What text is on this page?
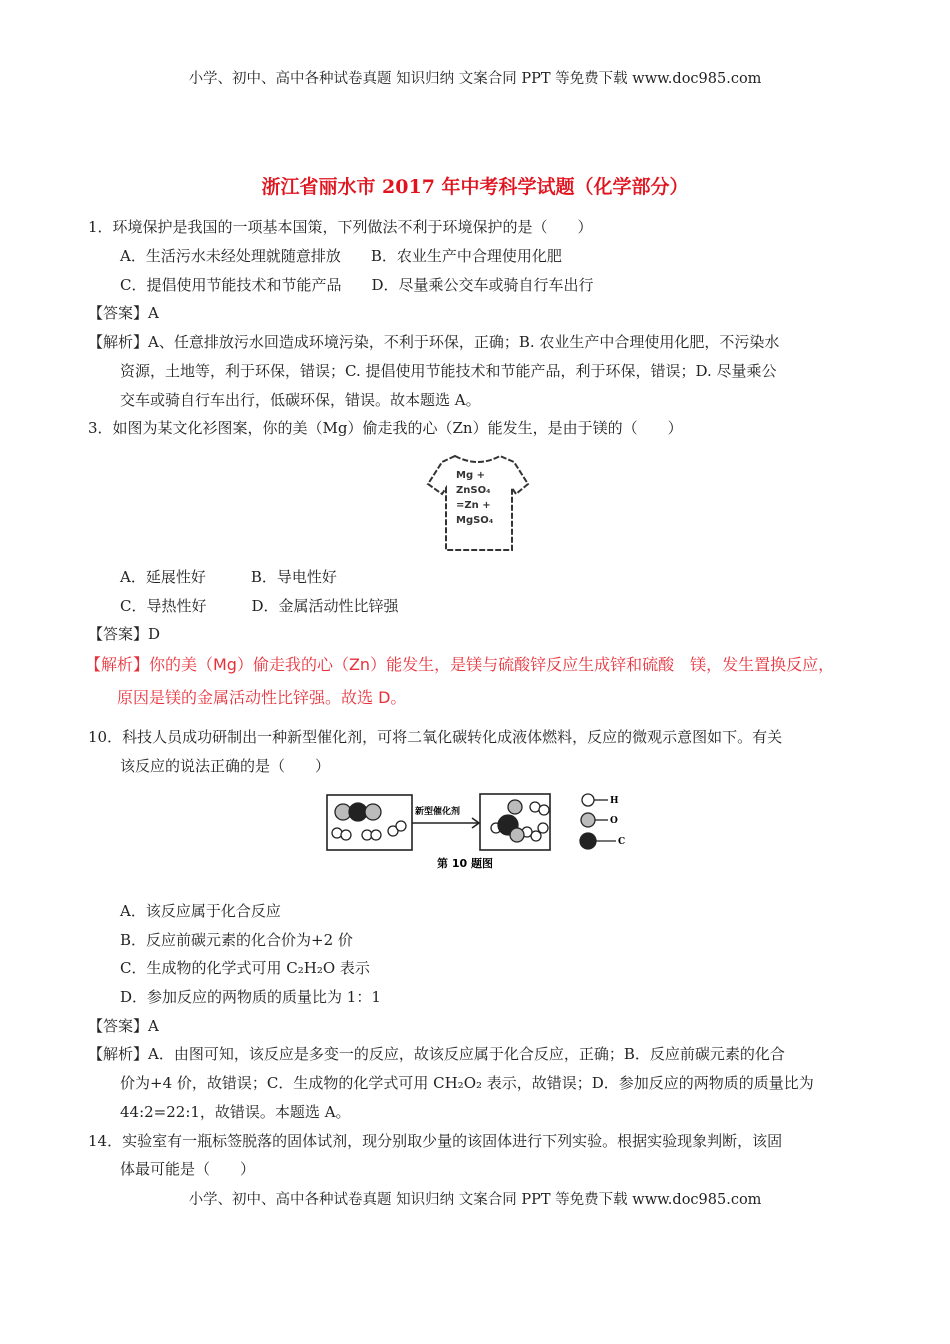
小学、初中、高中各种试卷真题 知识归纳 文案合同 PPT 等免费下载 www.doc985.com
浙江省丽水市 2017 年中考科学试题（化学部分）
1．环境保护是我国的一项基本国策，下列做法不利于环境保护的是（　　）
A．生活污水未经处理就随意排放　　B．农业生产中合理使用化肥
C．提倡使用节能技术和节能产品　　D．尽量乘公交车或骑自行车出行
【答案】A
【解析】A、任意排放污水回造成环境污染，不利于环保，正确；B. 农业生产中合理使用化肥，不污染水
资源，土地等，利于环保，错误；C. 提倡使用节能技术和节能产品，利于环保，错误；D. 尽量乘公
交车或骑自行车出行，低碳环保，错误。故本题选 A。
3．如图为某文化衫图案，你的美（Mg）偷走我的心（Zn）能发生，是由于镁的（　　）
Mg +
ZnSO₄
=Zn +
MgSO₄
A．延展性好　　　B．导电性好
C．导热性好　　　D．金属活动性比锌强
【答案】D
【解析】你的美（Mg）偷走我的心（Zn）能发生，是镁与硫酸锌反应生成锌和硫酸　镁，发生置换反应，
原因是镁的金属活动性比锌强。故选 D。
10．科技人员成功研制出一种新型催化剂，可将二氧化碳转化成液体燃料，反应的微观示意图如下。有关
该反应的说法正确的是（　　）
新型催化剂
H
O
C
第 10 题图
A．该反应属于化合反应
B．反应前碳元素的化合价为+2 价
C．生成物的化学式可用 C₂H₂O 表示
D．参加反应的两物质的质量比为 1：1
【答案】A
【解析】A．由图可知，该反应是多变一的反应，故该反应属于化合反应，正确；B．反应前碳元素的化合
价为+4 价，故错误；C．生成物的化学式可用 CH₂O₂ 表示，故错误；D．参加反应的两物质的质量比为
44:2=22:1，故错误。本题选 A。
14．实验室有一瓶标签脱落的固体试剂，现分别取少量的该固体进行下列实验。根据实验现象判断，该固
体最可能是（　　）
小学、初中、高中各种试卷真题 知识归纳 文案合同 PPT 等免费下载 www.doc985.com
